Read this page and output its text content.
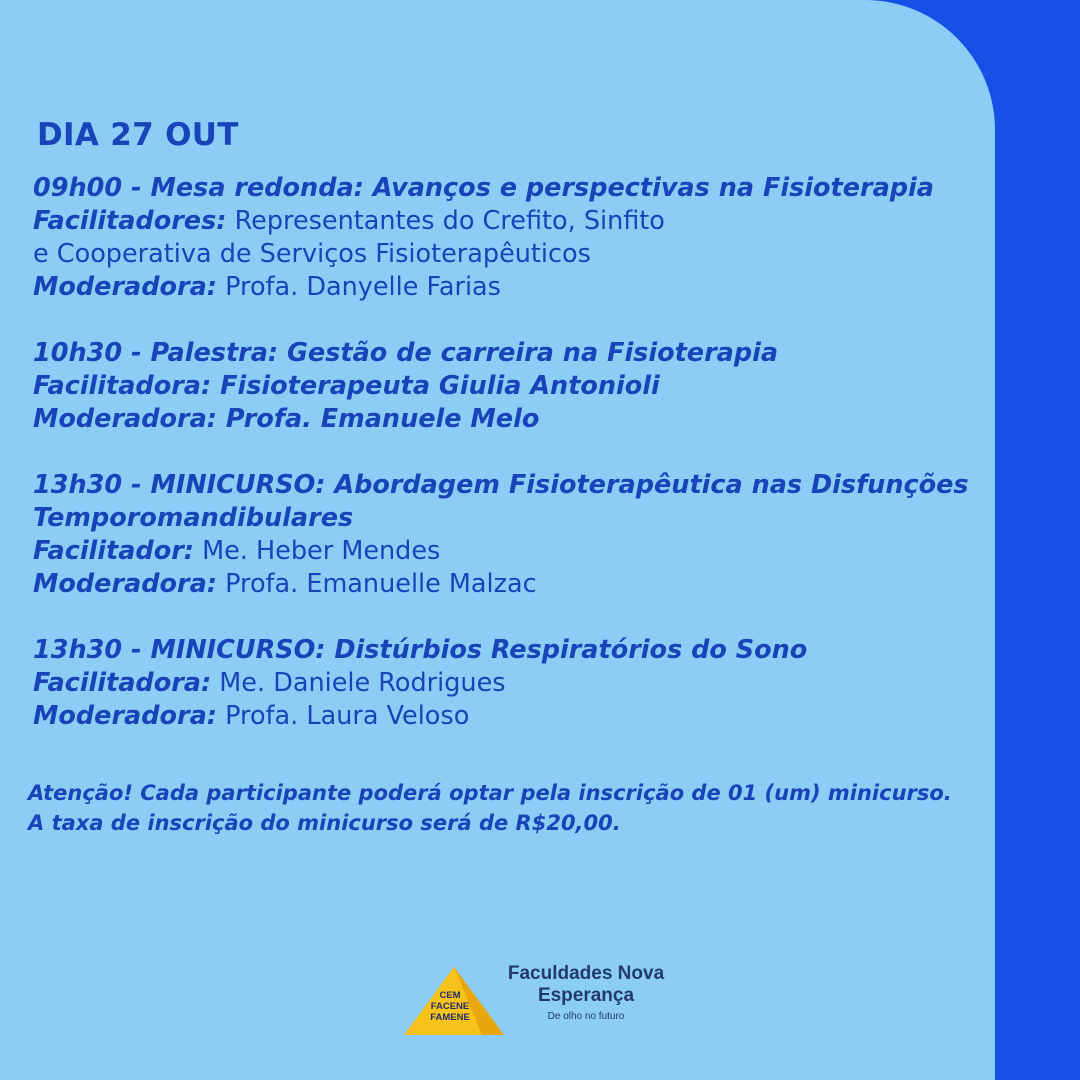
DIA 27 OUT
09h00 - Mesa redonda: Avanços e perspectivas na Fisioterapia
Facilitadores: Representantes do Crefito, Sinfito
e Cooperativa de Serviços Fisioterapêuticos
Moderadora: Profa. Danyelle Farias
10h30 - Palestra: Gestão de carreira na Fisioterapia
Facilitadora: Fisioterapeuta Giulia Antonioli
Moderadora: Profa. Emanuele Melo
13h30 - MINICURSO: Abordagem Fisioterapêutica nas Disfunções
Temporomandibulares
Facilitador: Me. Heber Mendes
Moderadora: Profa. Emanuelle Malzac
13h30 - MINICURSO: Distúrbios Respiratórios do Sono
Facilitadora: Me. Daniele Rodrigues
Moderadora: Profa. Laura Veloso
Atenção! Cada participante poderá optar pela inscrição de 01 (um) minicurso.
A taxa de inscrição do minicurso será de R$20,00.
CEM
FACENE
FAMENE
Faculdades Nova
Esperança
De olho no futuro
